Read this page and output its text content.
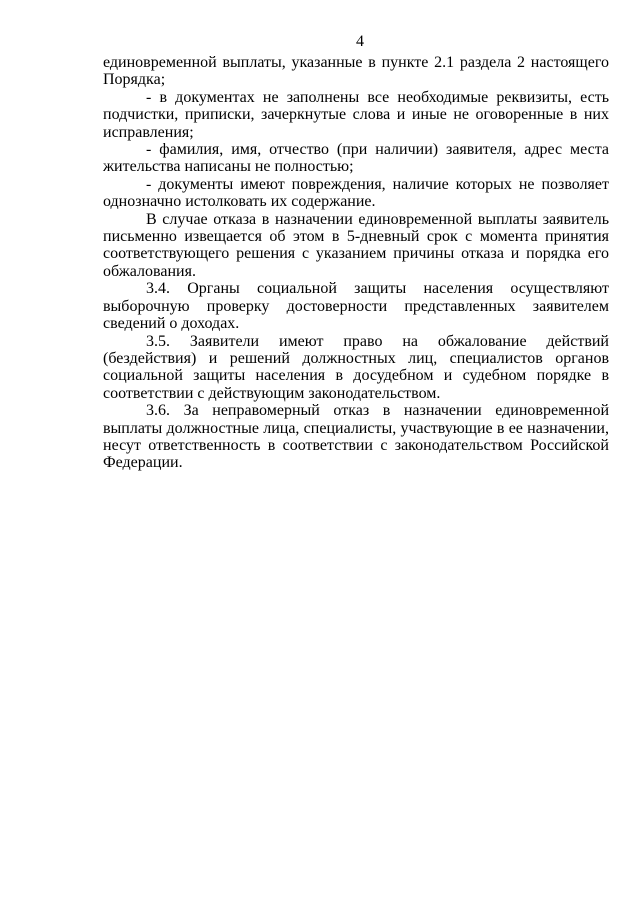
4

единовременной выплаты, указанные в пункте 2.1 раздела 2 настоящего Порядка;

- в документах не заполнены все необходимые реквизиты, есть подчистки, приписки, зачеркнутые слова и иные не оговоренные в них исправления;

- фамилия, имя, отчество (при наличии) заявителя, адрес места жительства написаны не полностью;

- документы имеют повреждения, наличие которых не позволяет однозначно истолковать их содержание.

В случае отказа в назначении единовременной выплаты заявитель письменно извещается об этом в 5-дневный срок с момента принятия соответствующего решения с указанием причины отказа и порядка его обжалования.

3.4. Органы социальной защиты населения осуществляют выборочную проверку достоверности представленных заявителем сведений о доходах.

3.5. Заявители имеют право на обжалование действий (бездействия) и решений должностных лиц, специалистов органов социальной защиты населения в досудебном и судебном порядке в соответствии с действующим законодательством.

3.6. За неправомерный отказ в назначении единовременной выплаты должностные лица, специалисты, участвующие в ее назначении, несут ответственность в соответствии с законодательством Российской Федерации.
